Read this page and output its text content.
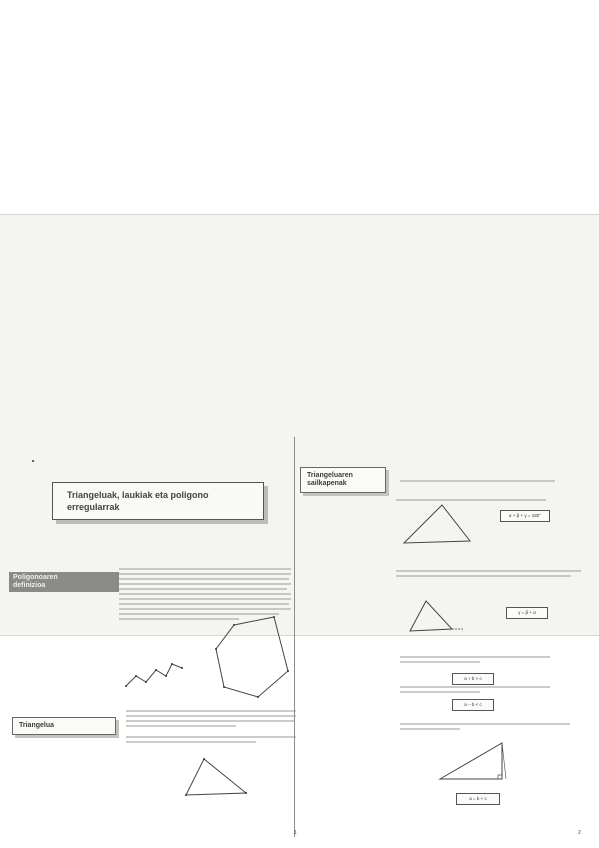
Triangeluak, laukiak eta poligono
erregularrak
Poligonoaren
definizioa
Triangelua
1
Triangeluaren
sailkapenak
α + β + γ = 180°
γ = β + α
a + b > c
a − b < c
a = b + c
2
